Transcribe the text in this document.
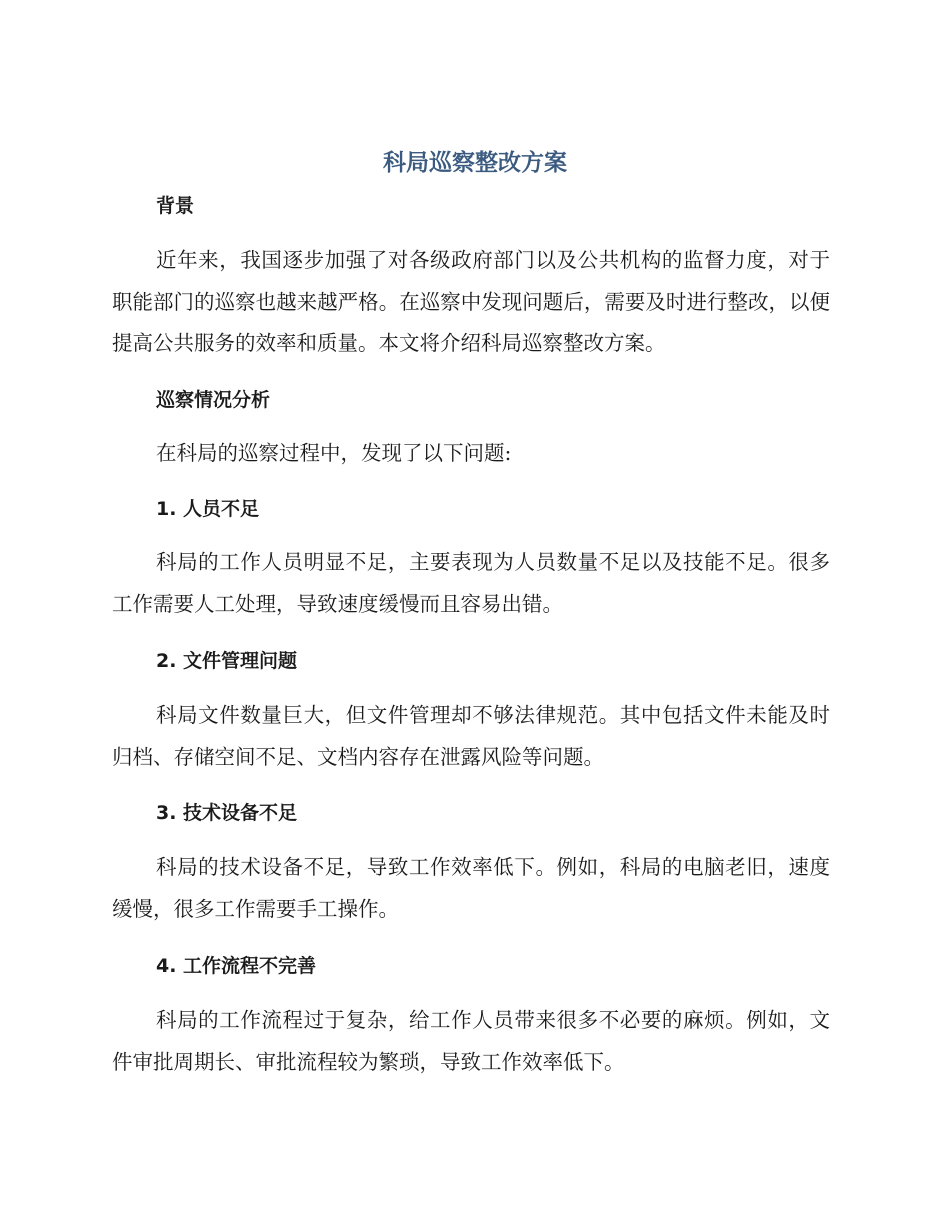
科局巡察整改方案
背景

近年来，我国逐步加强了对各级政府部门以及公共机构的监督力度，对于职能部门的巡察也越来越严格。在巡察中发现问题后，需要及时进行整改，以便提高公共服务的效率和质量。本文将介绍科局巡察整改方案。

巡察情况分析

在科局的巡察过程中，发现了以下问题:

1. 人员不足

科局的工作人员明显不足，主要表现为人员数量不足以及技能不足。很多工作需要人工处理，导致速度缓慢而且容易出错。

2. 文件管理问题

科局文件数量巨大，但文件管理却不够法律规范。其中包括文件未能及时归档、存储空间不足、文档内容存在泄露风险等问题。

3. 技术设备不足

科局的技术设备不足，导致工作效率低下。例如，科局的电脑老旧，速度缓慢，很多工作需要手工操作。

4. 工作流程不完善

科局的工作流程过于复杂，给工作人员带来很多不必要的麻烦。例如，文件审批周期长、审批流程较为繁琐，导致工作效率低下。
